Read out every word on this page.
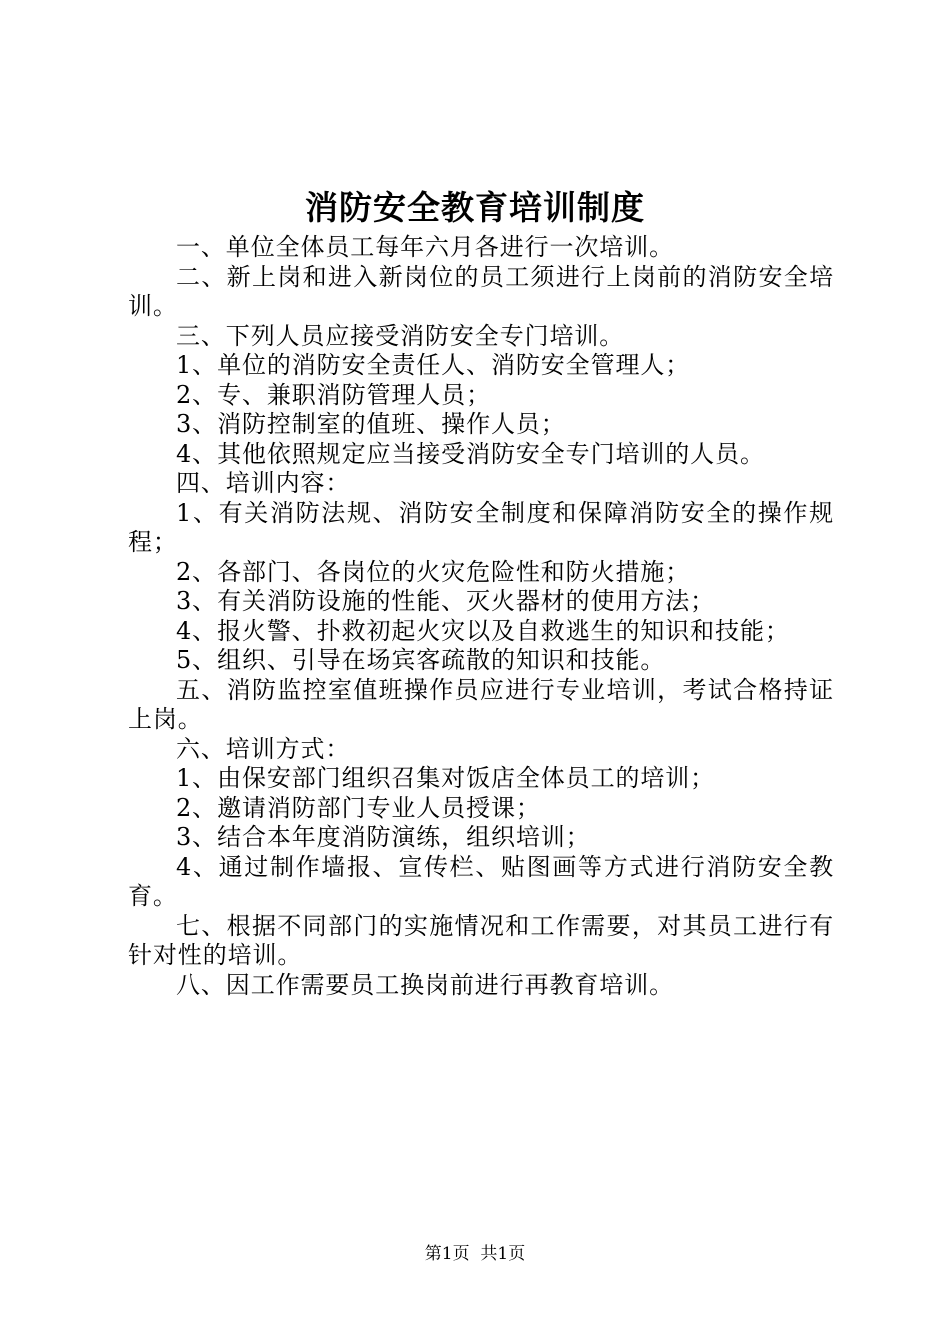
消防安全教育培训制度

一、单位全体员工每年六月各进行一次培训。

二、新上岗和进入新岗位的员工须进行上岗前的消防安全培训。

三、下列人员应接受消防安全专门培训。

1、单位的消防安全责任人、消防安全管理人；

2、专、兼职消防管理人员；

3、消防控制室的值班、操作人员；

4、其他依照规定应当接受消防安全专门培训的人员。

四、培训内容：

1、有关消防法规、消防安全制度和保障消防安全的操作规程；

2、各部门、各岗位的火灾危险性和防火措施；

3、有关消防设施的性能、灭火器材的使用方法；

4、报火警、扑救初起火灾以及自救逃生的知识和技能；

5、组织、引导在场宾客疏散的知识和技能。

五、消防监控室值班操作员应进行专业培训，考试合格持证上岗。

六、培训方式：

1、由保安部门组织召集对饭店全体员工的培训；

2、邀请消防部门专业人员授课；

3、结合本年度消防演练，组织培训；

4、通过制作墙报、宣传栏、贴图画等方式进行消防安全教育。

七、根据不同部门的实施情况和工作需要，对其员工进行有针对性的培训。

八、因工作需要员工换岗前进行再教育培训。

第1页  共1页
